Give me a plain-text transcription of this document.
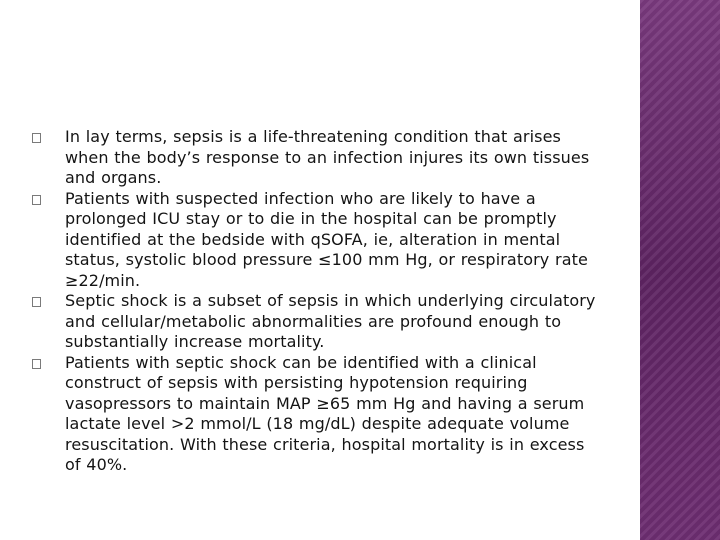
In lay terms, sepsis is a life-threatening condition that arises when the body’s response to an infection injures its own tissues and organs.
Patients with suspected infection who are likely to have a prolonged ICU stay or to die in the hospital can be promptly identified at the bedside with qSOFA, ie, alteration in mental status, systolic blood pressure ≤100 mm Hg, or respiratory rate ≥22/min.
Septic shock is a subset of sepsis in which underlying circulatory and cellular/metabolic abnormalities are profound enough to substantially increase mortality.
Patients with septic shock can be identified with a clinical construct of sepsis with persisting hypotension requiring vasopressors to maintain MAP ≥65 mm Hg and having a serum lactate level >2 mmol/L (18 mg/dL) despite adequate volume resuscitation. With these criteria, hospital mortality is in excess of 40%.
